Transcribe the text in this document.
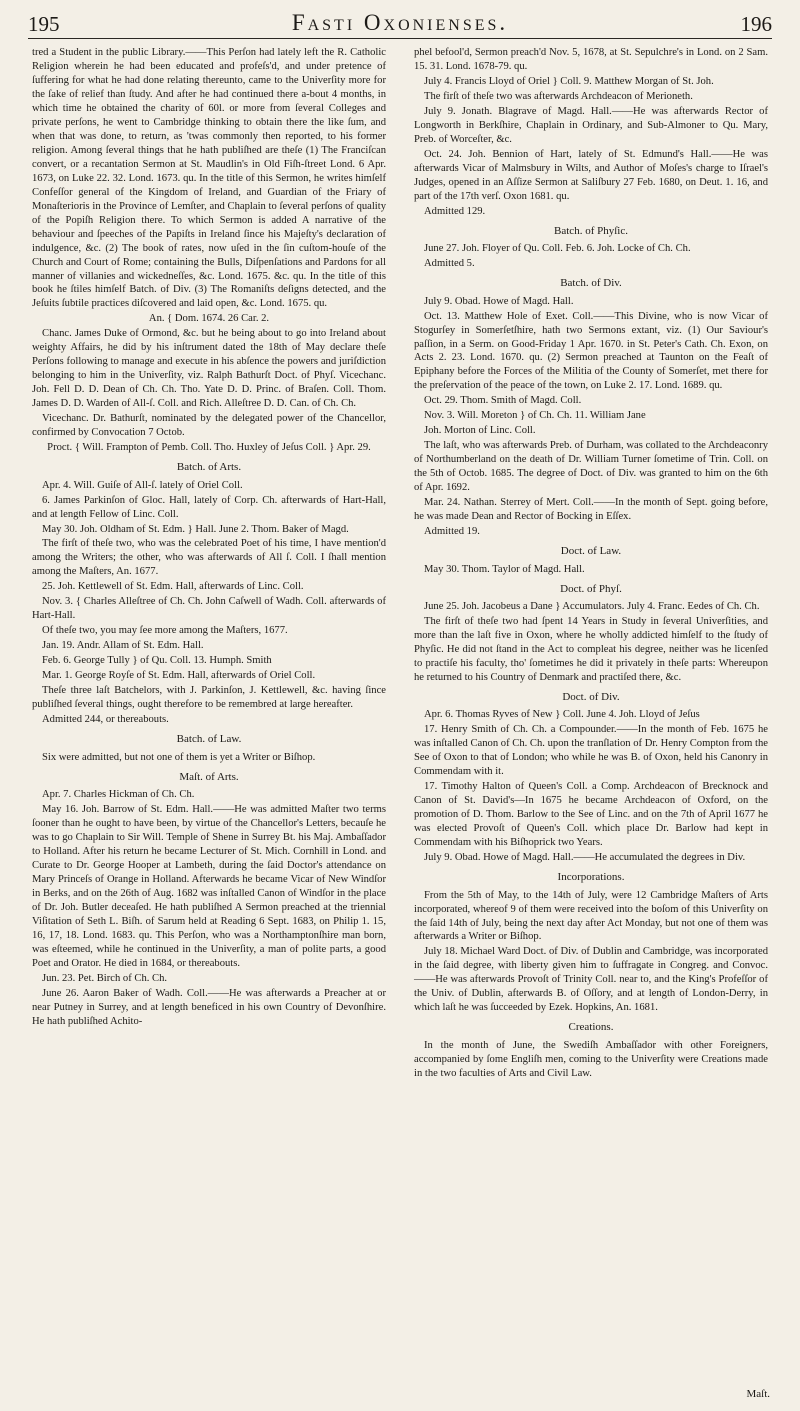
195	Fasti Oxonienses.	196

tred a Student in the public Library.——This Perſon had lately left the R. Catholic Religion wherein he had been educated and profeſs'd, and under pretence of ſuffering for what he had done relating thereunto, came to the Univerſity more for the ſake of relief than ſtudy. And after he had continued there a-bout 4 months, in which time he obtained the charity of 60l. or more from ſeveral Colleges and private perſons, he went to Cambridge thinking to obtain there the like ſum, and when that was done, to return, as 'twas commonly then reported, to his former religion. Among ſeveral things that he hath publiſhed are theſe (1) The Franciſcan convert, or a recantation Sermon at St. Maudlin's in Old Fiſh-ſtreet Lond. 6 Apr. 1673, on Luke 22. 32. Lond. 1673. qu. In the title of this Sermon, he writes himſelf Confeſſor general of the Kingdom of Ireland, and Guardian of the Friary of Monaſterioris in the Province of Lemſter, and Chaplain to ſeveral perſons of quality of the Popiſh Religion there. To which Sermon is added A narrative of the behaviour and ſpeeches of the Papiſts in Ireland ſince his Majeſty's declaration of indulgence, &c. (2) The book of rates, now uſed in the ſin cuſtom-houſe of the Church and Court of Rome; containing the Bulls, Diſpenſations and Pardons for all manner of villanies and wickedneſſes, &c. Lond. 1675. &c. qu. In the title of this book he ſtiles himſelf Batch. of Div. (3) The Romaniſts deſigns detected, and the Jeſuits ſubtile practices diſcovered and laid open, &c. Lond. 1675. qu.

An. { Dom. 1674. 26 Car. 2.

Chanc. James Duke of Ormond, &c. but he being about to go into Ireland about weighty Affairs, he did by his inſtrument dated the 18th of May declare theſe Perſons following to manage and execute in his abſence the powers and juriſdiction belonging to him in the Univerſity, viz. Ralph Bathurſt Doct. of Phyſ. Vicechanc. Joh. Fell D. D. Dean of Ch. Ch. Tho. Yate D. D. Princ. of Braſen. Coll. Thom. James D. D. Warden of All-ſ. Coll. and Rich. Alleſtree D. D. Can. of Ch. Ch.

Vicechanc. Dr. Bathurſt, nominated by the delegated power of the Chancellor, confirmed by Convocation 7 Octob.

Proct. { Will. Frampton of Pemb. Coll. Tho. Huxley of Jeſus Coll. } Apr. 29.

Batch. of Arts.

Apr. 4. Will. Guiſe of All-ſ. lately of Oriel Coll.

6. James Parkinſon of Gloc. Hall, lately of Corp. Ch. afterwards of Hart-Hall, and at length Fellow of Linc. Coll.

May 30. Joh. Oldham of St. Edm. } Hall. June 2. Thom. Baker of Magd.

The firſt of theſe two, who was the celebrated Poet of his time, I have mention'd among the Writers; the other, who was afterwards of All ſ. Coll. I ſhall mention among the Maſters, An. 1677.

25. Joh. Kettlewell of St. Edm. Hall, afterwards of Linc. Coll.

Nov. 3. { Charles Alleſtree of Ch. Ch. John Caſwell of Wadh. Coll. afterwards of Hart-Hall.

Of theſe two, you may ſee more among the Maſters, 1677.

Jan. 19. Andr. Allam of St. Edm. Hall.

Feb. 6. George Tully } of Qu. Coll. 13. Humph. Smith

Mar. 1. George Royſe of St. Edm. Hall, afterwards of Oriel Coll.

Theſe three laſt Batchelors, with J. Parkinſon, J. Kettlewell, &c. having ſince publiſhed ſeveral things, ought therefore to be remembred at large hereafter.

Admitted 244, or thereabouts.

Batch. of Law.

Six were admitted, but not one of them is yet a Writer or Biſhop.

Maſt. of Arts.

Apr. 7. Charles Hickman of Ch. Ch.

May 16. Joh. Barrow of St. Edm. Hall.——He was admitted Maſter two terms ſooner than he ought to have been, by virtue of the Chancellor's Letters, becauſe he was to go Chaplain to Sir Will. Temple of Shene in Surrey Bt. his Maj. Ambaſſador to Holland. After his return he became Lecturer of St. Mich. Cornhill in Lond. and Curate to Dr. George Hooper at Lambeth, during the ſaid Doctor's attendance on Mary Princeſs of Orange in Holland. Afterwards he became Vicar of New Windſor in Berks, and on the 26th of Aug. 1682 was inſtalled Canon of Windſor in the place of Dr. Joh. Butler deceaſed. He hath publiſhed A Sermon preached at the triennial Viſitation of Seth L. Biſh. of Sarum held at Reading 6 Sept. 1683, on Philip 1. 15, 16, 17, 18. Lond. 1683. qu. This Perſon, who was a Northamptonſhire man born, was eſteemed, while he continued in the Univerſity, a man of polite parts, a good Poet and Orator. He died in 1684, or thereabouts.

Jun. 23. Pet. Birch of Ch. Ch.

June 26. Aaron Baker of Wadh. Coll.——He was afterwards a Preacher at or near Putney in Surrey, and at length beneficed in his own Country of Devonſhire. He hath publiſhed Achito-

phel befool'd, Sermon preach'd Nov. 5, 1678, at St. Sepulchre's in Lond. on 2 Sam. 15. 31. Lond. 1678-79. qu.

July 4. Francis Lloyd of Oriel } Coll. 9. Matthew Morgan of St. Joh.

The firſt of theſe two was afterwards Archdeacon of Merioneth.

July 9. Jonath. Blagrave of Magd. Hall.——He was afterwards Rector of Longworth in Berkſhire, Chaplain in Ordinary, and Sub-Almoner to Qu. Mary, Preb. of Worceſter, &c.

Oct. 24. Joh. Bennion of Hart, lately of St. Edmund's Hall.——He was afterwards Vicar of Malmsbury in Wilts, and Author of Moſes's charge to Iſrael's Judges, opened in an Aſſize Sermon at Saliſbury 27 Feb. 1680, on Deut. 1. 16, and part of the 17th verſ. Oxon 1681. qu.

Admitted 129.

Batch. of Phyſic.

June 27. Joh. Floyer of Qu. Coll. Feb. 6. Joh. Locke of Ch. Ch.

Admitted 5.

Batch. of Div.

July 9. Obad. Howe of Magd. Hall.

Oct. 13. Matthew Hole of Exet. Coll.——This Divine, who is now Vicar of Stogurſey in Somerſetſhire, hath two Sermons extant, viz. (1) Our Saviour's paſſion, in a Serm. on Good-Friday 1 Apr. 1670. in St. Peter's Cath. Ch. Exon, on Acts 2. 23. Lond. 1670. qu. (2) Sermon preached at Taunton on the Feaſt of Epiphany before the Forces of the Militia of the County of Somerſet, met there for the preſervation of the peace of the town, on Luke 2. 17. Lond. 1689. qu.

Oct. 29. Thom. Smith of Magd. Coll.

Nov. 3. Will. Moreton } of Ch. Ch. 11. William Jane

Joh. Morton of Linc. Coll.

The laſt, who was afterwards Preb. of Durham, was collated to the Archdeaconry of Northumberland on the death of Dr. William Turner ſometime of Trin. Coll. on the 5th of Octob. 1685. The degree of Doct. of Div. was granted to him on the 6th of Apr. 1692.

Mar. 24. Nathan. Sterrey of Mert. Coll.——In the month of Sept. going before, he was made Dean and Rector of Bocking in Eſſex.

Admitted 19.

Doct. of Law.

May 30. Thom. Taylor of Magd. Hall.

Doct. of Phyſ.

June 25. Joh. Jacobeus a Dane } Accumulators. July 4. Franc. Eedes of Ch. Ch.

The firſt of theſe two had ſpent 14 Years in Study in ſeveral Univerſities, and more than the laſt five in Oxon, where he wholly addicted himſelf to the ſtudy of Phyſic. He did not ſtand in the Act to compleat his degree, neither was he licenſed to practiſe his faculty, tho' ſometimes he did it privately in theſe parts: Whereupon he returned to his Country of Denmark and practiſed there, &c.

Doct. of Div.

Apr. 6. Thomas Ryves of New } Coll. June 4. Joh. Lloyd of Jeſus

17. Henry Smith of Ch. Ch. a Compounder.——In the month of Feb. 1675 he was inſtalled Canon of Ch. Ch. upon the tranſlation of Dr. Henry Compton from the See of Oxon to that of London; who while he was B. of Oxon, held his Canonry in Commendam with it.

17. Timothy Halton of Queen's Coll. a Comp. Archdeacon of Brecknock and Canon of St. David's—In 1675 he became Archdeacon of Oxford, on the promotion of D. Thom. Barlow to the See of Linc. and on the 7th of April 1677 he was elected Provoſt of Queen's Coll. which place Dr. Barlow had kept in Commendam with his Biſhoprick two Years.

July 9. Obad. Howe of Magd. Hall.——He accumulated the degrees in Div.

Incorporations.

From the 5th of May, to the 14th of July, were 12 Cambridge Maſters of Arts incorporated, whereof 9 of them were received into the boſom of this Univerſity on the ſaid 14th of July, being the next day after Act Monday, but not one of them was afterwards a Writer or Biſhop.

July 18. Michael Ward Doct. of Div. of Dublin and Cambridge, was incorporated in the ſaid degree, with liberty given him to ſuffragate in Congreg. and Convoc.——He was afterwards Provoſt of Trinity Coll. near to, and the King's Profeſſor of the Univ. of Dublin, afterwards B. of Oſſory, and at length of London-Derry, in which laſt he was ſucceeded by Ezek. Hopkins, An. 1681.

Creations.

In the month of June, the Swediſh Ambaſſador with other Foreigners, accompanied by ſome Engliſh men, coming to the Univerſity were Creations made in the two faculties of Arts and Civil Law.

Maſt.
